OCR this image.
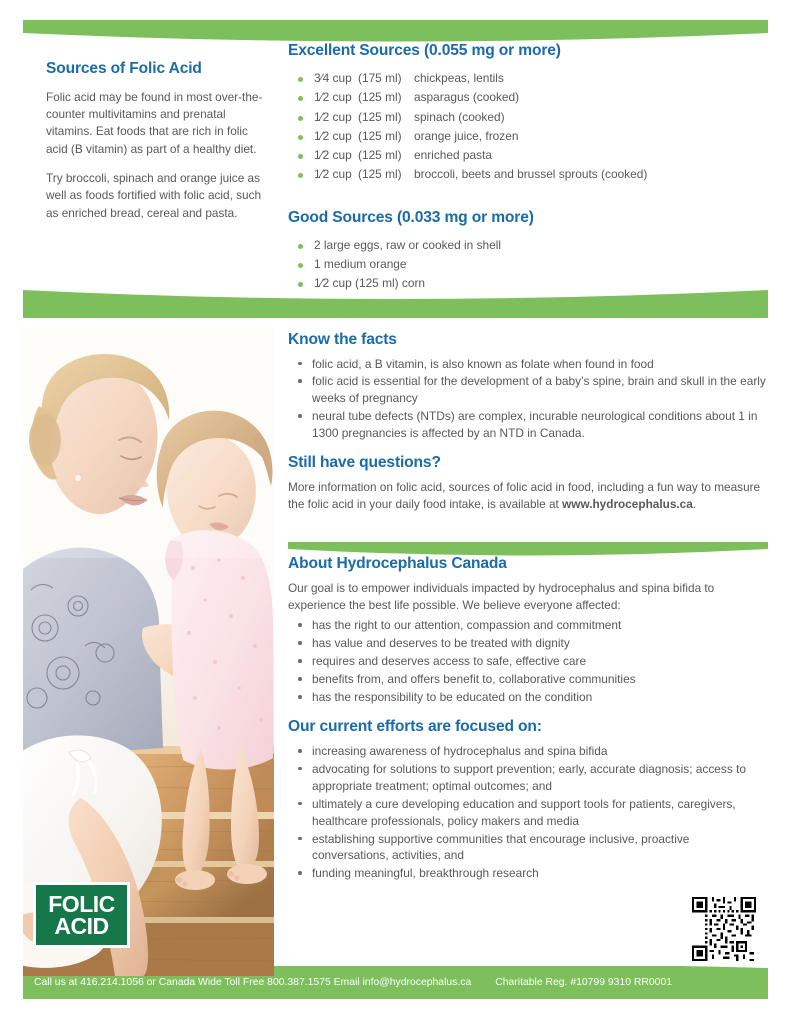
Sources of Folic Acid

Folic acid may be found in most over-the-counter multivitamins and prenatal vitamins. Eat foods that are rich in folic acid (B vitamin) as part of a healthy diet.

Try broccoli, spinach and orange juice as well as foods fortified with folic acid, such as enriched bread, cereal and pasta.

Excellent Sources (0.055 mg or more)
3⁄4 cup (175 ml) chickpeas, lentils
1⁄2 cup (125 ml) asparagus (cooked)
1⁄2 cup (125 ml) spinach (cooked)
1⁄2 cup (125 ml) orange juice, frozen
1⁄2 cup (125 ml) enriched pasta
1⁄2 cup (125 ml) broccoli, beets and brussel sprouts (cooked)
Good Sources (0.033 mg or more)
2 large eggs, raw or cooked in shell
1 medium orange
1⁄2 cup (125 ml) corn
Know the facts
folic acid, a B vitamin, is also known as folate when found in food
folic acid is essential for the development of a baby’s spine, brain and skull in the early weeks of pregnancy
neural tube defects (NTDs) are complex, incurable neurological conditions about 1 in 1300 pregnancies is affected by an NTD in Canada.
Still have questions?

More information on folic acid, sources of folic acid in food, including a fun way to measure the folic acid in your daily food intake, is available at www.hydrocephalus.ca.

About Hydrocephalus Canada

Our goal is to empower individuals impacted by hydrocephalus and spina bifida to experience the best life possible. We believe everyone affected:

has the right to our attention, compassion and commitment
has value and deserves to be treated with dignity
requires and deserves access to safe, effective care
benefits from, and offers benefit to, collaborative communities
has the responsibility to be educated on the condition
Our current efforts are focused on:
increasing awareness of hydrocephalus and spina bifida
advocating for solutions to support prevention; early, accurate diagnosis; access to appropriate treatment; optimal outcomes; and
ultimately a cure developing education and support tools for patients, caregivers, healthcare professionals, policy makers and media
establishing supportive communities that encourage inclusive, proactive conversations, activities, and
funding meaningful, breakthrough research
FOLIC
ACID
Call us at 416.214.1056 or Canada Wide Toll Free 800.387.1575 Email info@hydrocephalus.ca Charitable Reg. #10799 9310 RR0001
